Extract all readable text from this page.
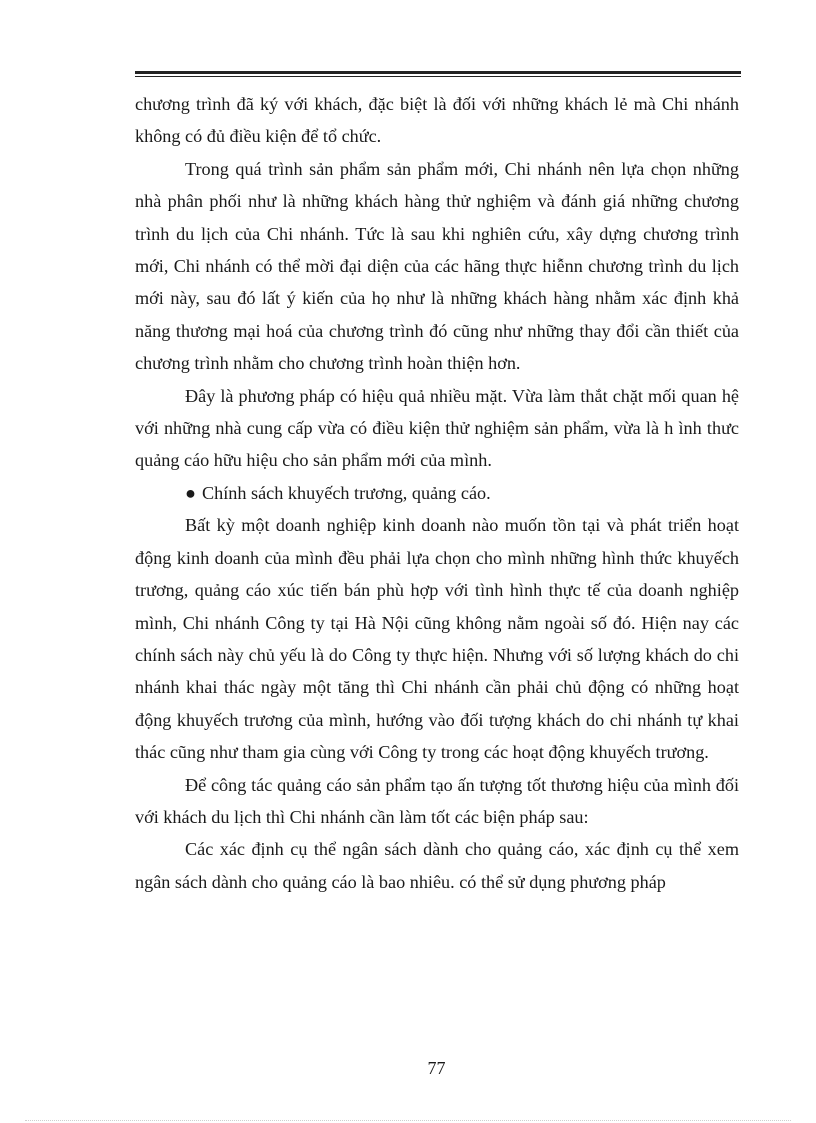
chương trình đã ký với khách, đặc biệt là đối với những khách lẻ mà Chi nhánh không có đủ điều kiện để tổ chức.

Trong quá trình sản phẩm sản phẩm mới, Chi nhánh nên lựa chọn những nhà phân phối như là những khách hàng thử nghiệm và đánh giá những chương trình du lịch của Chi nhánh. Tức là sau khi nghiên cứu, xây dựng chương trình mới, Chi nhánh có thể mời đại diện của các hãng thực hiễnn chương trình du lịch mới này, sau đó lất ý kiến của họ như là những khách hàng nhằm xác định khả năng thương mại hoá của chương trình đó cũng như những thay đổi cần thiết của chương trình nhằm cho chương trình hoàn thiện hơn.

Đây là phương pháp có hiệu quả nhiều mặt. Vừa làm thắt chặt mối quan hệ với những nhà cung cấp vừa có điều kiện thử nghiệm sản phẩm, vừa là h ình thưc quảng cáo hữu hiệu cho sản phẩm mới của mình.

● Chính sách khuyếch trương, quảng cáo.

Bất kỳ một doanh nghiệp kinh doanh nào muốn tồn tại và phát triển hoạt động kinh doanh của mình đều phải lựa chọn cho mình những hình thức khuyếch trương, quảng cáo xúc tiến bán phù hợp với tình hình thực tế của doanh nghiệp mình, Chi nhánh Công ty tại Hà Nội cũng không nằm ngoài số đó. Hiện nay các chính sách này chủ yếu là do Công ty thực hiện. Nhưng với số lượng khách do chi nhánh khai thác ngày một tăng thì Chi nhánh cần phải chủ động có những hoạt động khuyếch trương của mình, hướng vào đối tượng khách do chi nhánh tự khai thác cũng như tham gia cùng với Công ty trong các hoạt động khuyếch trương.

Để công tác quảng cáo sản phẩm tạo ấn tượng tốt thương hiệu của mình đối với khách du lịch thì Chi nhánh cần làm tốt các biện pháp sau:

Các xác định cụ thể ngân sách dành cho quảng cáo, xác định cụ thể xem ngân sách dành cho quảng cáo là bao nhiêu. có thể sử dụng phương pháp

77
